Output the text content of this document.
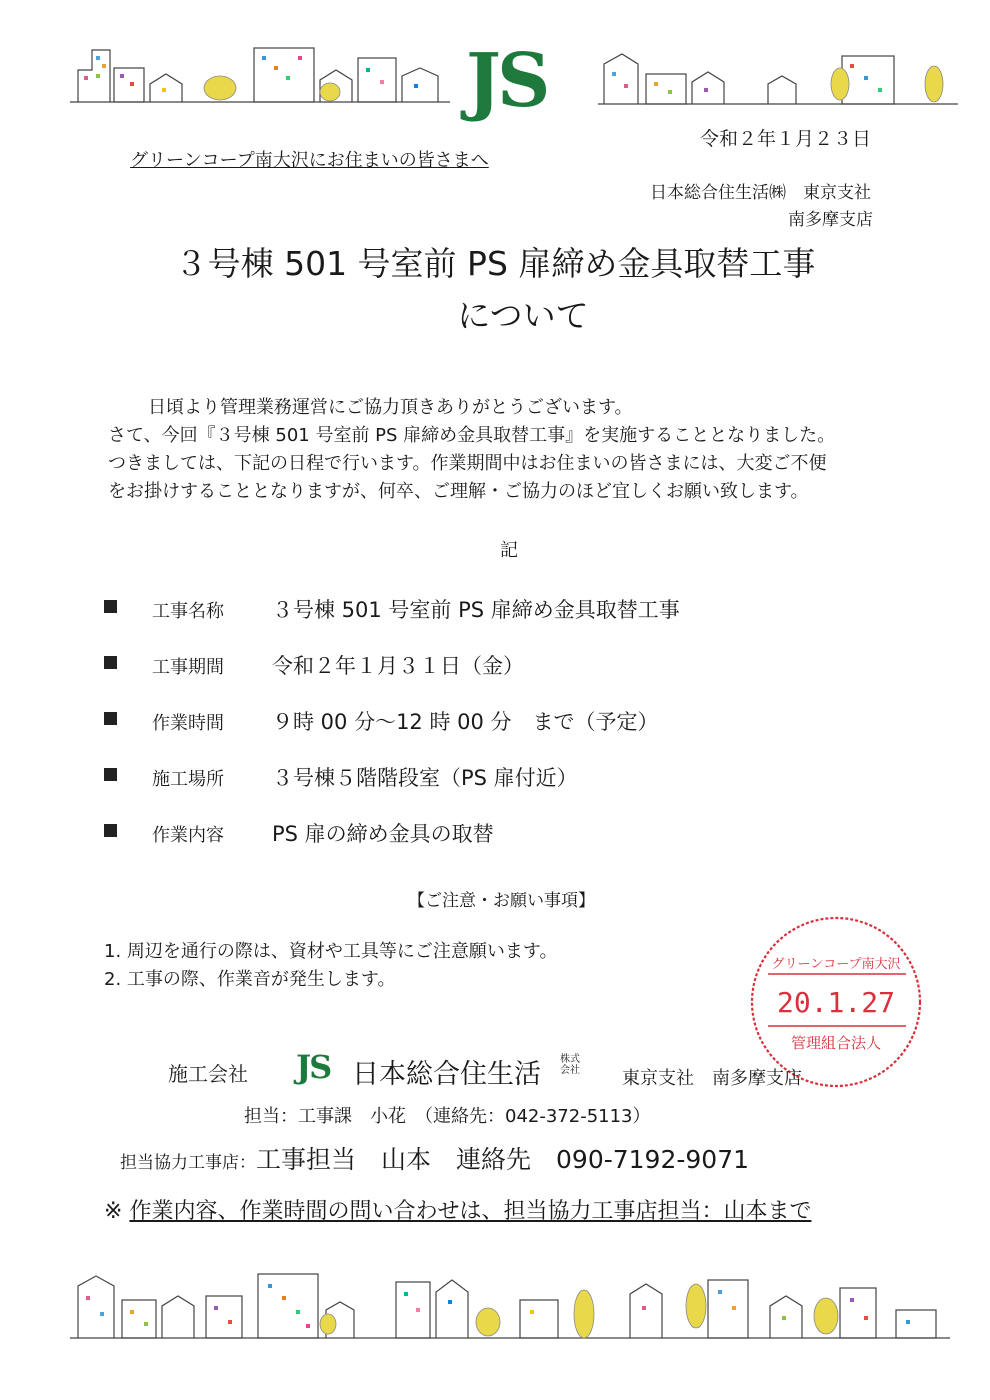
JS
令和２年１月２３日
グリーンコープ南大沢にお住まいの皆さまへ
日本総合住生活㈱　東京支社
南多摩支店
３号棟 501 号室前 PS 扉締め金具取替工事
について

日頃より管理業務運営にご協力頂きありがとうございます。

さて、今回『３号棟 501 号室前 PS 扉締め金具取替工事』を実施することとなりました。

つきましては、下記の日程で行います。作業期間中はお住まいの皆さまには、大変ご不便

をお掛けすることとなりますが、何卒、ご理解・ご協力のほど宜しくお願い致します。

記
工事名称 ３号棟 501 号室前 PS 扉締め金具取替工事
工事期間 令和２年１月３１日（金）
作業時間 ９時 00 分～12 時 00 分　まで（予定）
施工場所 ３号棟５階階段室（PS 扉付近）
作業内容 PS 扉の締め金具の取替
【ご注意・お願い事項】
1. 周辺を通行の際は、資材や工具等にご注意願います。
2. 工事の際、作業音が発生します。
グリーンコープ南大沢
20.1.27
管理組合法人
施工会社 JS 日本総合住生活 株式会社	東京支社　南多摩支店
担当：工事課　小花　（連絡先：042-372-5113）
担当協力工事店：工事担当　山本　連絡先　090-7192-9071
※ 作業内容、作業時間の問い合わせは、担当協力工事店担当：山本まで
